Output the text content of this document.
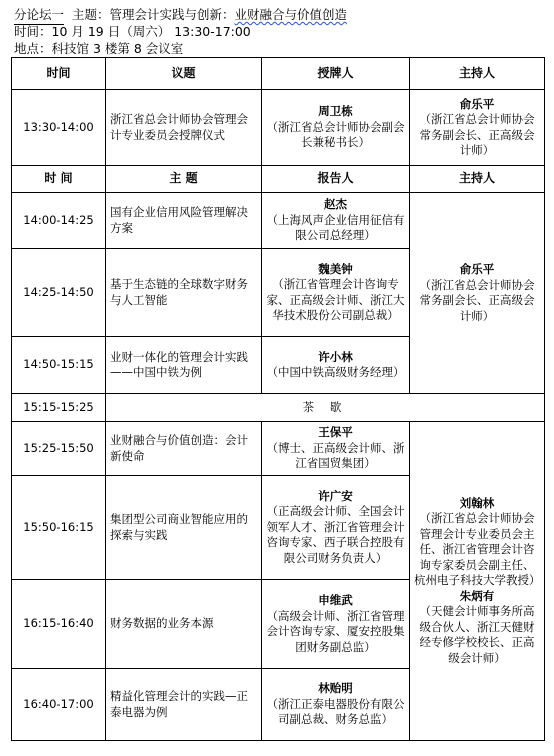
分论坛一 主题：管理会计实践与创新：业财融合与价值创造
时间：10 月 19 日（周六） 13:30-17:00
地点：科技馆 3 楼第 8 会议室
时间	议题	授牌人	主持人
13:30-14:00	浙江省总会计师协会管理会计专业委员会授牌仪式	周卫栋
（浙江省总会计师协会副会长兼秘书长）	俞乐平
（浙江省总会计师协会常务副会长、正高级会计师）

时 间	主 题	报告人	主持人
14:00-14:25	国有企业信用风险管理解决方案	赵杰
（上海风声企业信用征信有限公司总经理）	俞乐平
（浙江省总会计师协会常务副会长、正高级会计师）

14:25-14:50	基于生态链的全球数字财务与人工智能	魏美钟
（浙江省管理会计咨询专家、正高级会计师、浙江大华技术股份公司副总裁）	

14:50-15:15	业财一体化的管理会计实践——中国中铁为例	许小林
（中国中铁高级财务经理）	

15:15-15:25	茶 歇		
15:25-15:50	业财融合与价值创造：会计新使命	王保平
（博士、正高级会计师、浙江省国贸集团）	刘翰林
（浙江省总会计师协会管理会计专业委员会主任、浙江省管理会计咨询专家委员会副主任、杭州电子科技大学教授）
朱炳有
（天健会计师事务所高级合伙人、浙江天健财经专修学校校长、正高级会计师）

15:50-16:15	集团型公司商业智能应用的探索与实践	许广安
（正高级会计师、全国会计领军人才、浙江省管理会计咨询专家、西子联合控股有限公司财务负责人）	

16:15-16:40	财务数据的业务本源	申维武
（高级会计师、浙江省管理会计咨询专家、厦安控股集团财务副总监）	

16:40-17:00	精益化管理会计的实践—正泰电器为例	林贻明
（浙江正泰电器股份有限公司副总裁、财务总监）	
